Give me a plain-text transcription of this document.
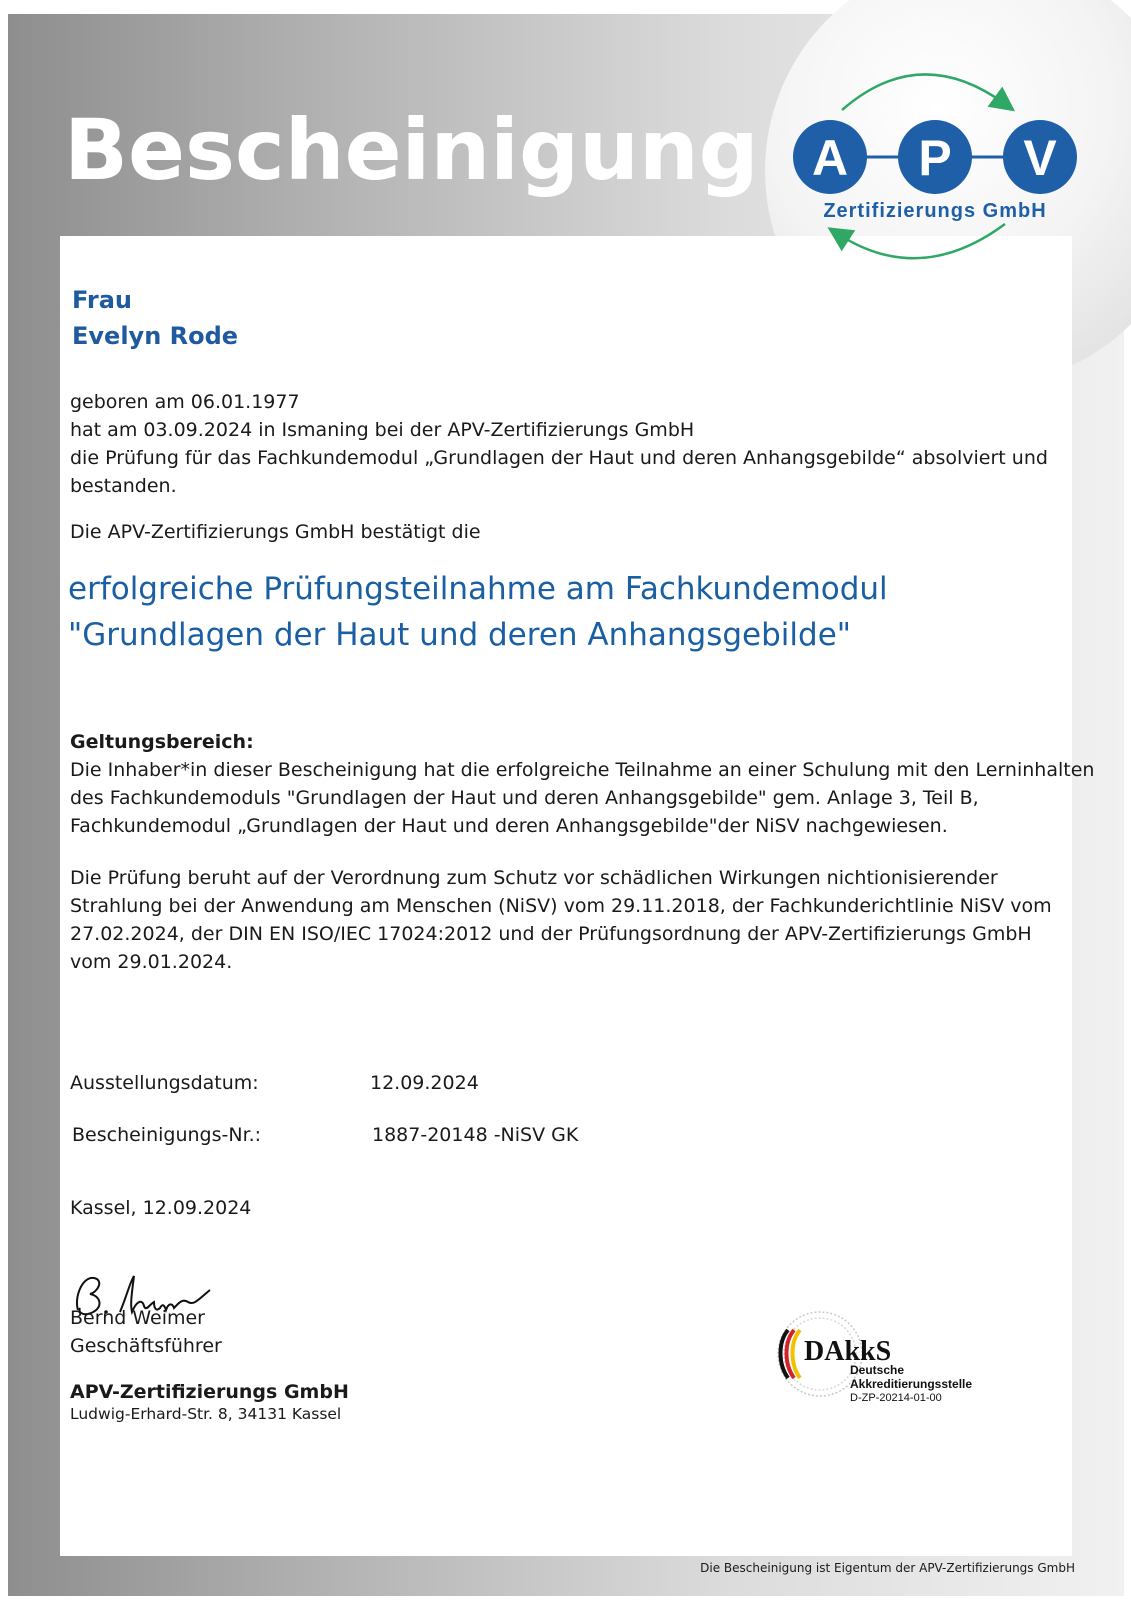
Bescheinigung A P V
Zertifizierungs GmbH
Frau
Evelyn Rode
geboren am 06.01.1977
hat am 03.09.2024 in Ismaning bei der APV-Zertifizierungs GmbH
die Prüfung für das Fachkundemodul „Grundlagen der Haut und deren Anhangsgebilde“ absolviert und
bestanden.
Die APV-Zertifizierungs GmbH bestätigt die
erfolgreiche Prüfungsteilnahme am Fachkundemodul
"Grundlagen der Haut und deren Anhangsgebilde"
Geltungsbereich:
Die Inhaber*in dieser Bescheinigung hat die erfolgreiche Teilnahme an einer Schulung mit den Lerninhalten
des Fachkundemoduls "Grundlagen der Haut und deren Anhangsgebilde" gem. Anlage 3, Teil B,
Fachkundemodul „Grundlagen der Haut und deren Anhangsgebilde"der NiSV nachgewiesen.
Die Prüfung beruht auf der Verordnung zum Schutz vor schädlichen Wirkungen nichtionisierender
Strahlung bei der Anwendung am Menschen (NiSV) vom 29.11.2018, der Fachkunderichtlinie NiSV vom
27.02.2024, der DIN EN ISO/IEC 17024:2012 und der Prüfungsordnung der APV-Zertifizierungs GmbH
vom 29.01.2024.
Ausstellungsdatum:	12.09.2024
Bescheinigungs-Nr.:	1887-20148 -NiSV GK
Kassel, 12.09.2024
Bernd Weimer
Geschäftsführer
APV-Zertifizierungs GmbH
Ludwig-Erhard-Str. 8, 34131 Kassel
DAkkS
Deutsche
Akkreditierungsstelle
D-ZP-20214-01-00
Die Bescheinigung ist Eigentum der APV-Zertifizierungs GmbH
